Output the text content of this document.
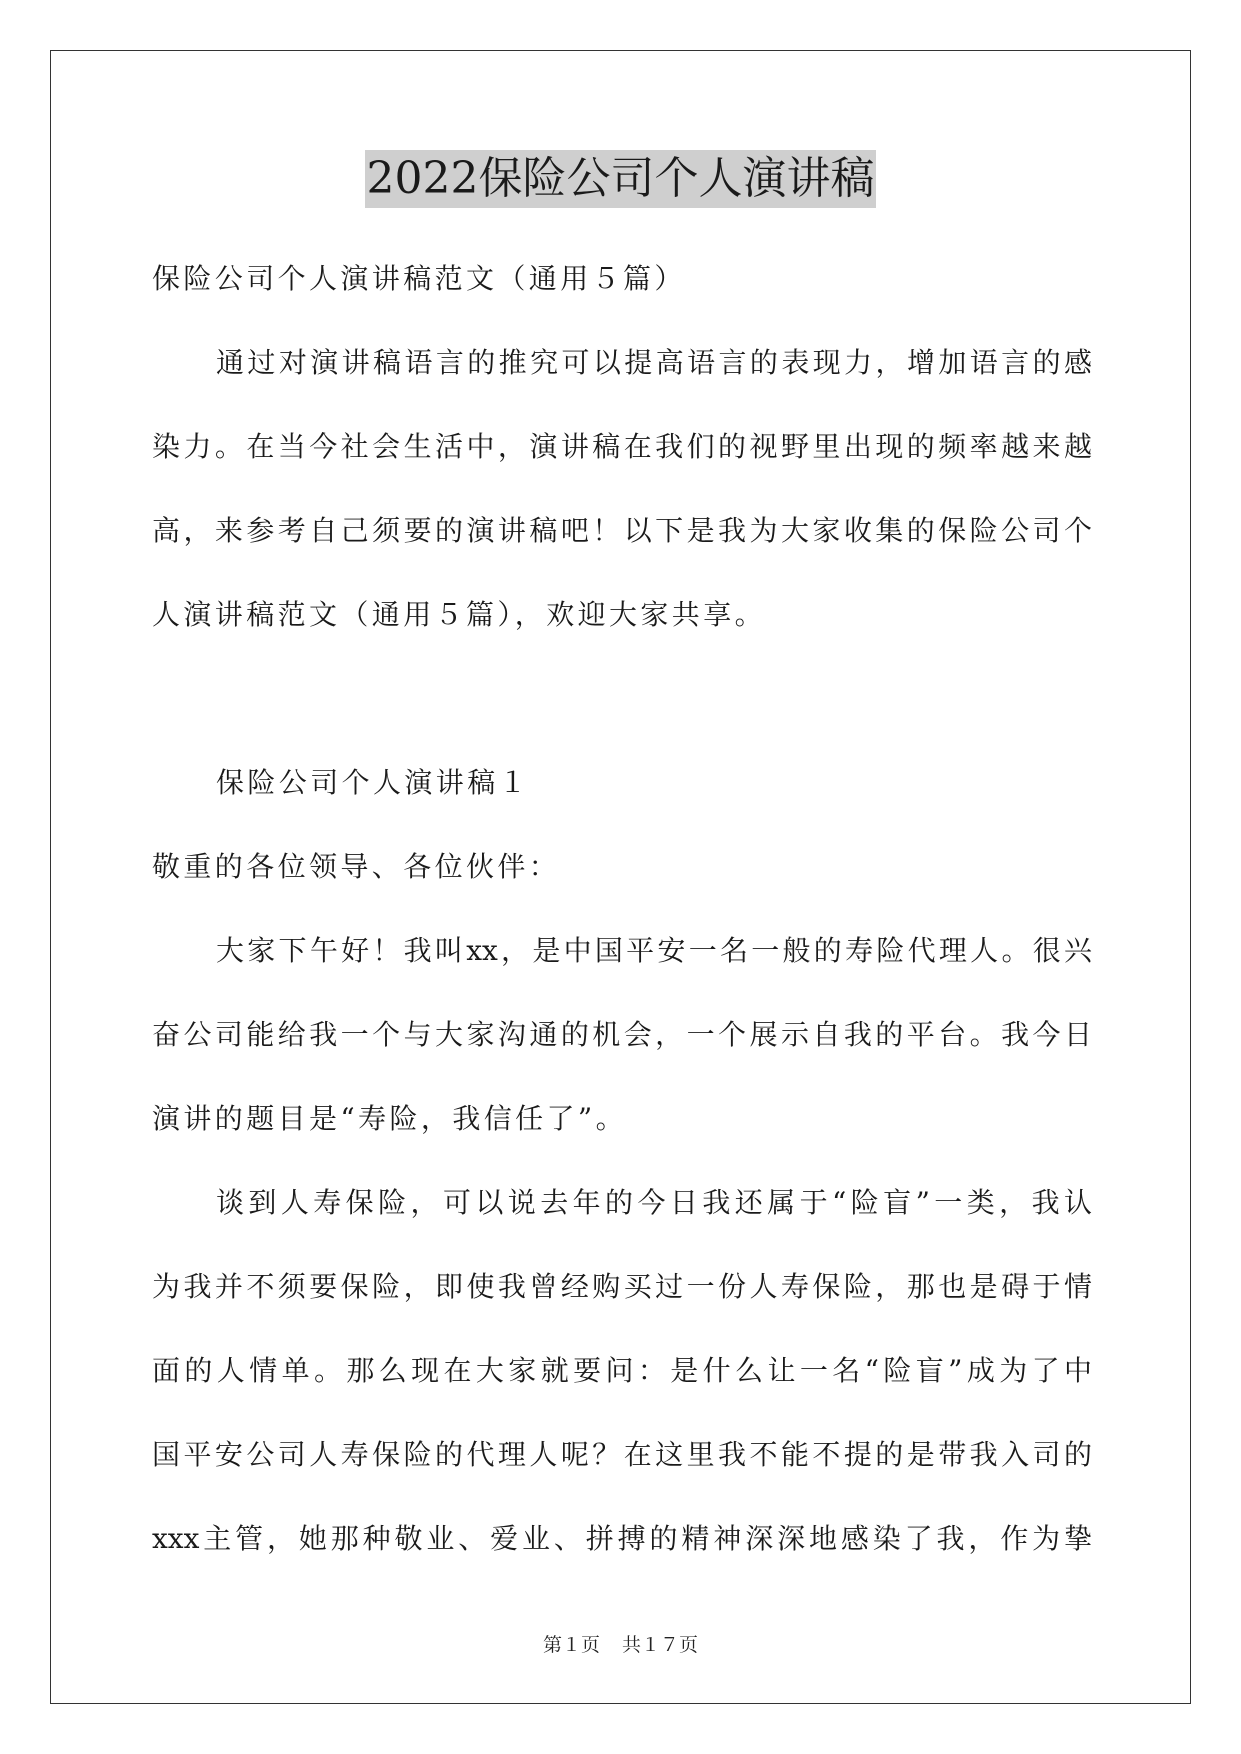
2022保险公司个人演讲稿
保险公司个人演讲稿范文（通用５篇）
通过对演讲稿语言的推究可以提高语言的表现力，增加语言的感
染力。在当今社会生活中，演讲稿在我们的视野里出现的频率越来越
高，来参考自己须要的演讲稿吧！以下是我为大家收集的保险公司个
人演讲稿范文（通用５篇），欢迎大家共享。
保险公司个人演讲稿１
敬重的各位领导、各位伙伴：
大家下午好！我叫xx，是中国平安一名一般的寿险代理人。很兴
奋公司能给我一个与大家沟通的机会，一个展示自我的平台。我今日
演讲的题目是“寿险，我信任了”。
谈到人寿保险，可以说去年的今日我还属于“险盲”一类，我认
为我并不须要保险，即使我曾经购买过一份人寿保险，那也是碍于情
面的人情单。那么现在大家就要问：是什么让一名“险盲”成为了中
国平安公司人寿保险的代理人呢？在这里我不能不提的是带我入司的
xxx主管，她那种敬业、爱业、拼搏的精神深深地感染了我，作为挚
第１页 共１７页
